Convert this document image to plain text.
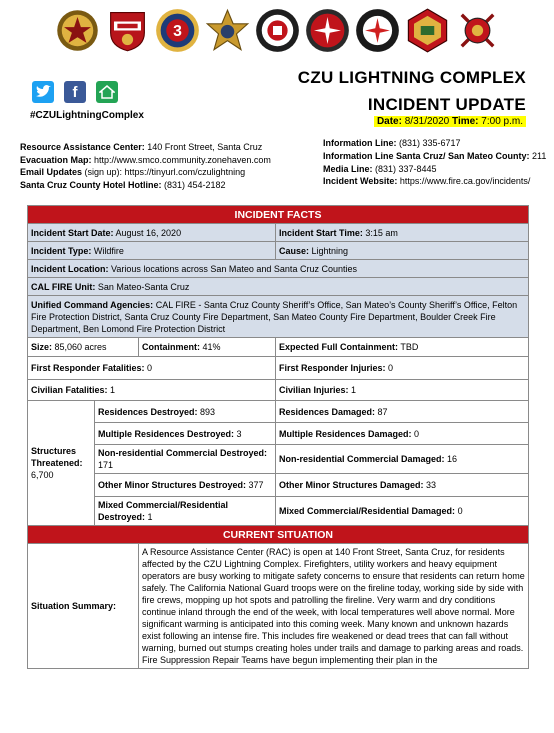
3
f
#CZULightningComplex
CZU LIGHTNING COMPLEX
INCIDENT UPDATE
Date: 8/31/2020 Time: 7:00 p.m.
Resource Assistance Center: 140 Front Street, Santa Cruz
Evacuation Map: http://www.smco.community.zonehaven.com
Email Updates (sign up): https://tinyurl.com/czulightning
Santa Cruz County Hotel Hotline: (831) 454-2182
Information Line: (831) 335-6717
Information Line Santa Cruz/ San Mateo County: 211
Media Line: (831) 337-8445
Incident Website: https://www.fire.ca.gov/incidents/
INCIDENT FACTS			
Incident Start Date: August 16, 2020			Incident Start Time: 3:15 am
Incident Type: Wildfire			Cause: Lightning
Incident Location: Various locations across San Mateo and Santa Cruz Counties			
CAL FIRE Unit: San Mateo-Santa Cruz			
Unified Command Agencies: CAL FIRE - Santa Cruz County Sheriff’s Office, San Mateo’s County Sheriff’s Office, Felton Fire Protection District, Santa Cruz County Fire Department, San Mateo County Fire Department, Boulder Creek Fire Department, Ben Lomond Fire Protection District			
Size: 85,060 acres		Containment: 41%	Expected Full Containment: TBD
First Responder Fatalities: 0			First Responder Injuries: 0
Civilian Fatalities: 1			Civilian Injuries: 1
Structures Threatened:
6,700	Residences Destroyed: 893		Residences Damaged: 87
	Multiple Residences Destroyed: 3		Multiple Residences Damaged: 0
	Non-residential Commercial Destroyed: 171		Non-residential Commercial Damaged: 16
	Other Minor Structures Destroyed: 377		Other Minor Structures Damaged: 33
	Mixed Commercial/Residential Destroyed: 1		Mixed Commercial/Residential Damaged: 0
CURRENT SITUATION			
Situation Summary:		A Resource Assistance Center (RAC) is open at 140 Front Street, Santa Cruz, for residents affected by the CZU Lightning Complex. Firefighters, utility workers and heavy equipment operators are busy working to mitigate safety concerns to ensure that residents can return home safely. The California National Guard troops were on the fireline today, working side by side with fire crews, mopping up hot spots and patrolling the fireline. Very warm and dry conditions continue inland through the end of the week, with local temperatures well above normal. More significant warming is anticipated into this coming week. Many known and unknown hazards exist following an intense fire. This includes fire weakened or dead trees that can fall without warning, burned out stumps creating holes under trails and damage to parking areas and roads. Fire Suppression Repair Teams have begun implementing their plan in the	
